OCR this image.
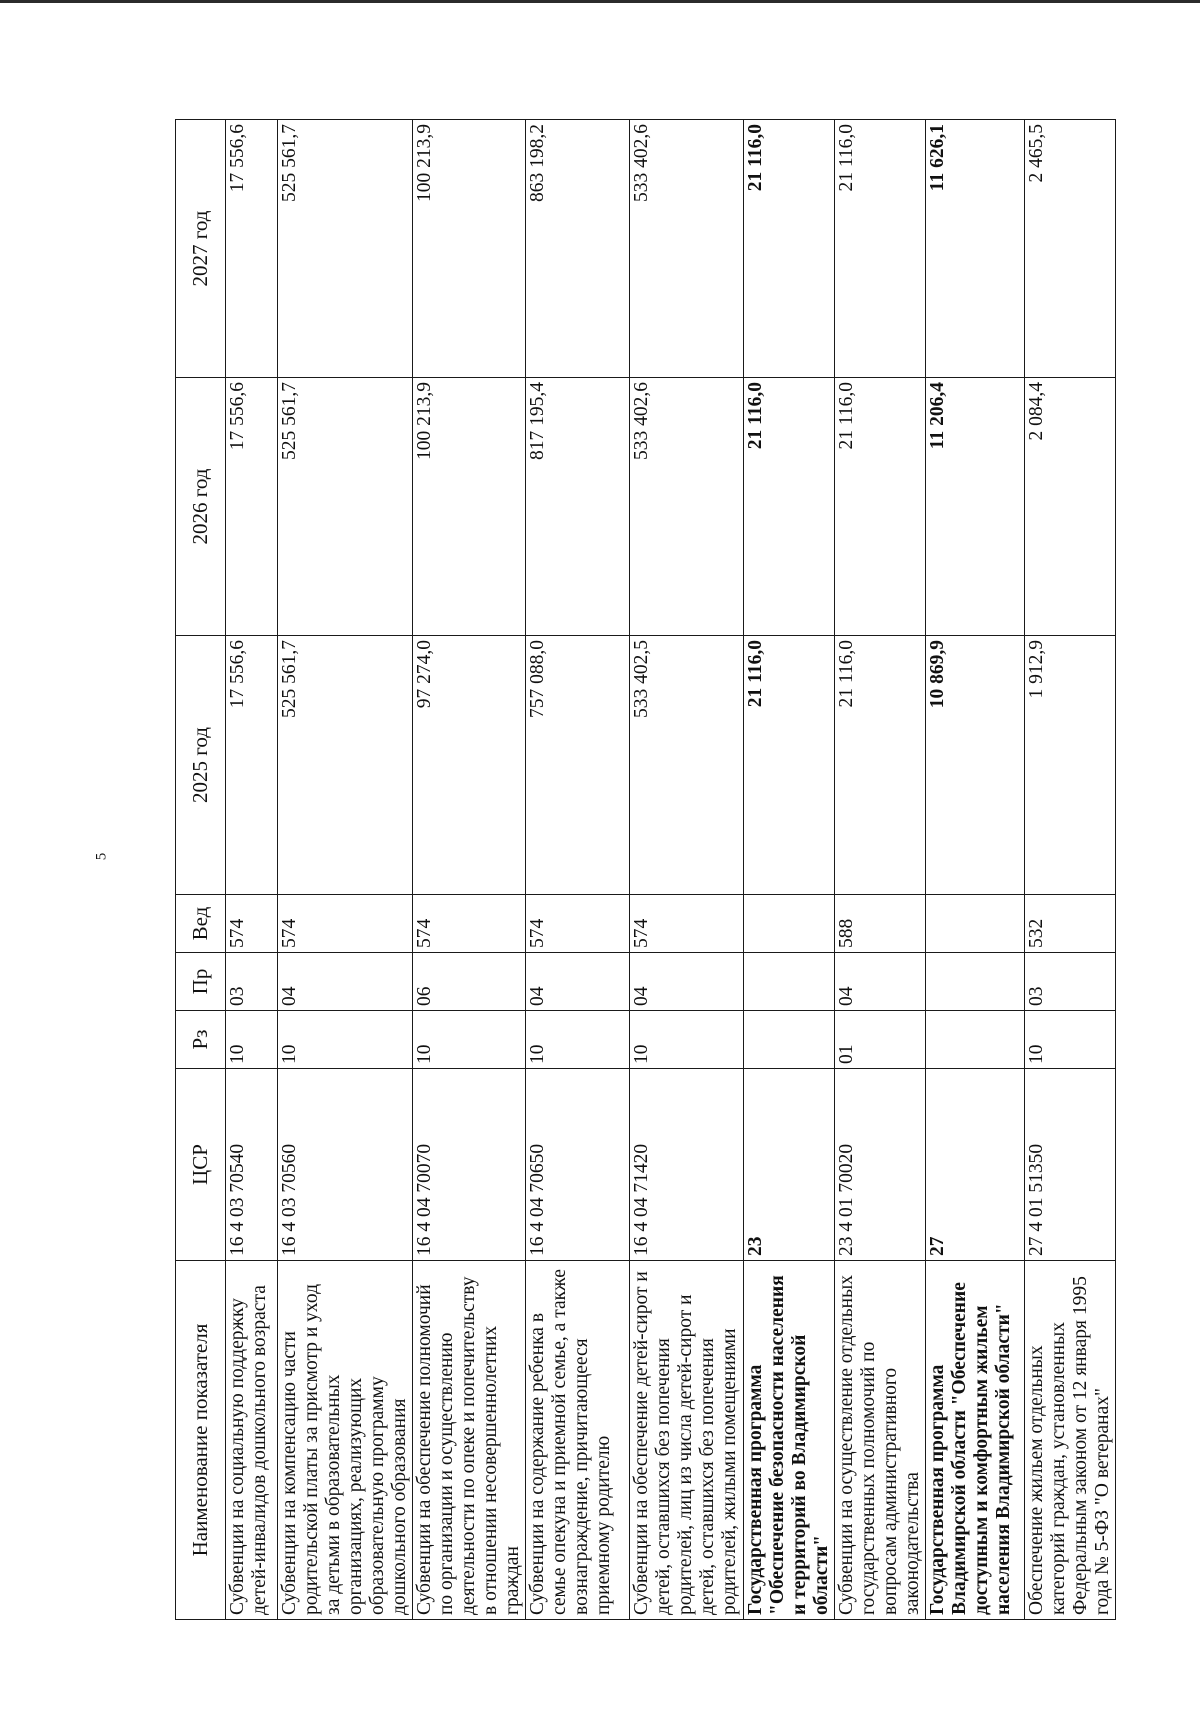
5
Наименование показателя	ЦСР	Рз	Пр	Вед	2025 год	2026 год	2027 год
Субвенции на социальную поддержку детей-инвалидов дошкольного возраста	16 4 03 70540	10	03	574	17 556,6	17 556,6	17 556,6
Субвенции на компенсацию части родительской платы за присмотр и уход за детьми в образовательных организациях, реализующих образовательную программу дошкольного образования	16 4 03 70560	10	04	574	525 561,7	525 561,7	525 561,7
Субвенции на обеспечение полномочий по организации и осуществлению деятельности по опеке и попечительству в отношении несовершеннолетних граждан	16 4 04 70070	10	06	574	97 274,0	100 213,9	100 213,9
Субвенции на содержание ребенка в семье опекуна и приемной семье, а также вознаграждение, причитающееся приемному родителю	16 4 04 70650	10	04	574	757 088,0	817 195,4	863 198,2
Субвенции на обеспечение детей-сирот и детей, оставшихся без попечения родителей, лиц из числа детей-сирот и детей, оставшихся без попечения родителей, жилыми помещениями	16 4 04 71420	10	04	574	533 402,5	533 402,6	533 402,6
Государственная программа "Обеспечение безопасности населения и территорий во Владимирской области"	23				21 116,0	21 116,0	21 116,0
Субвенции на осуществление отдельных государственных полномочий по вопросам административного законодательства	23 4 01 70020	01	04	588	21 116,0	21 116,0	21 116,0
Государственная программа Владимирской области "Обеспечение доступным и комфортным жильем населения Владимирской области"	27				10 869,9	11 206,4	11 626,1
Обеспечение жильем отдельных категорий граждан, установленных Федеральным законом от 12 января 1995 года № 5-ФЗ "О ветеранах"	27 4 01 51350	10	03	532	1 912,9	2 084,4	2 465,5
